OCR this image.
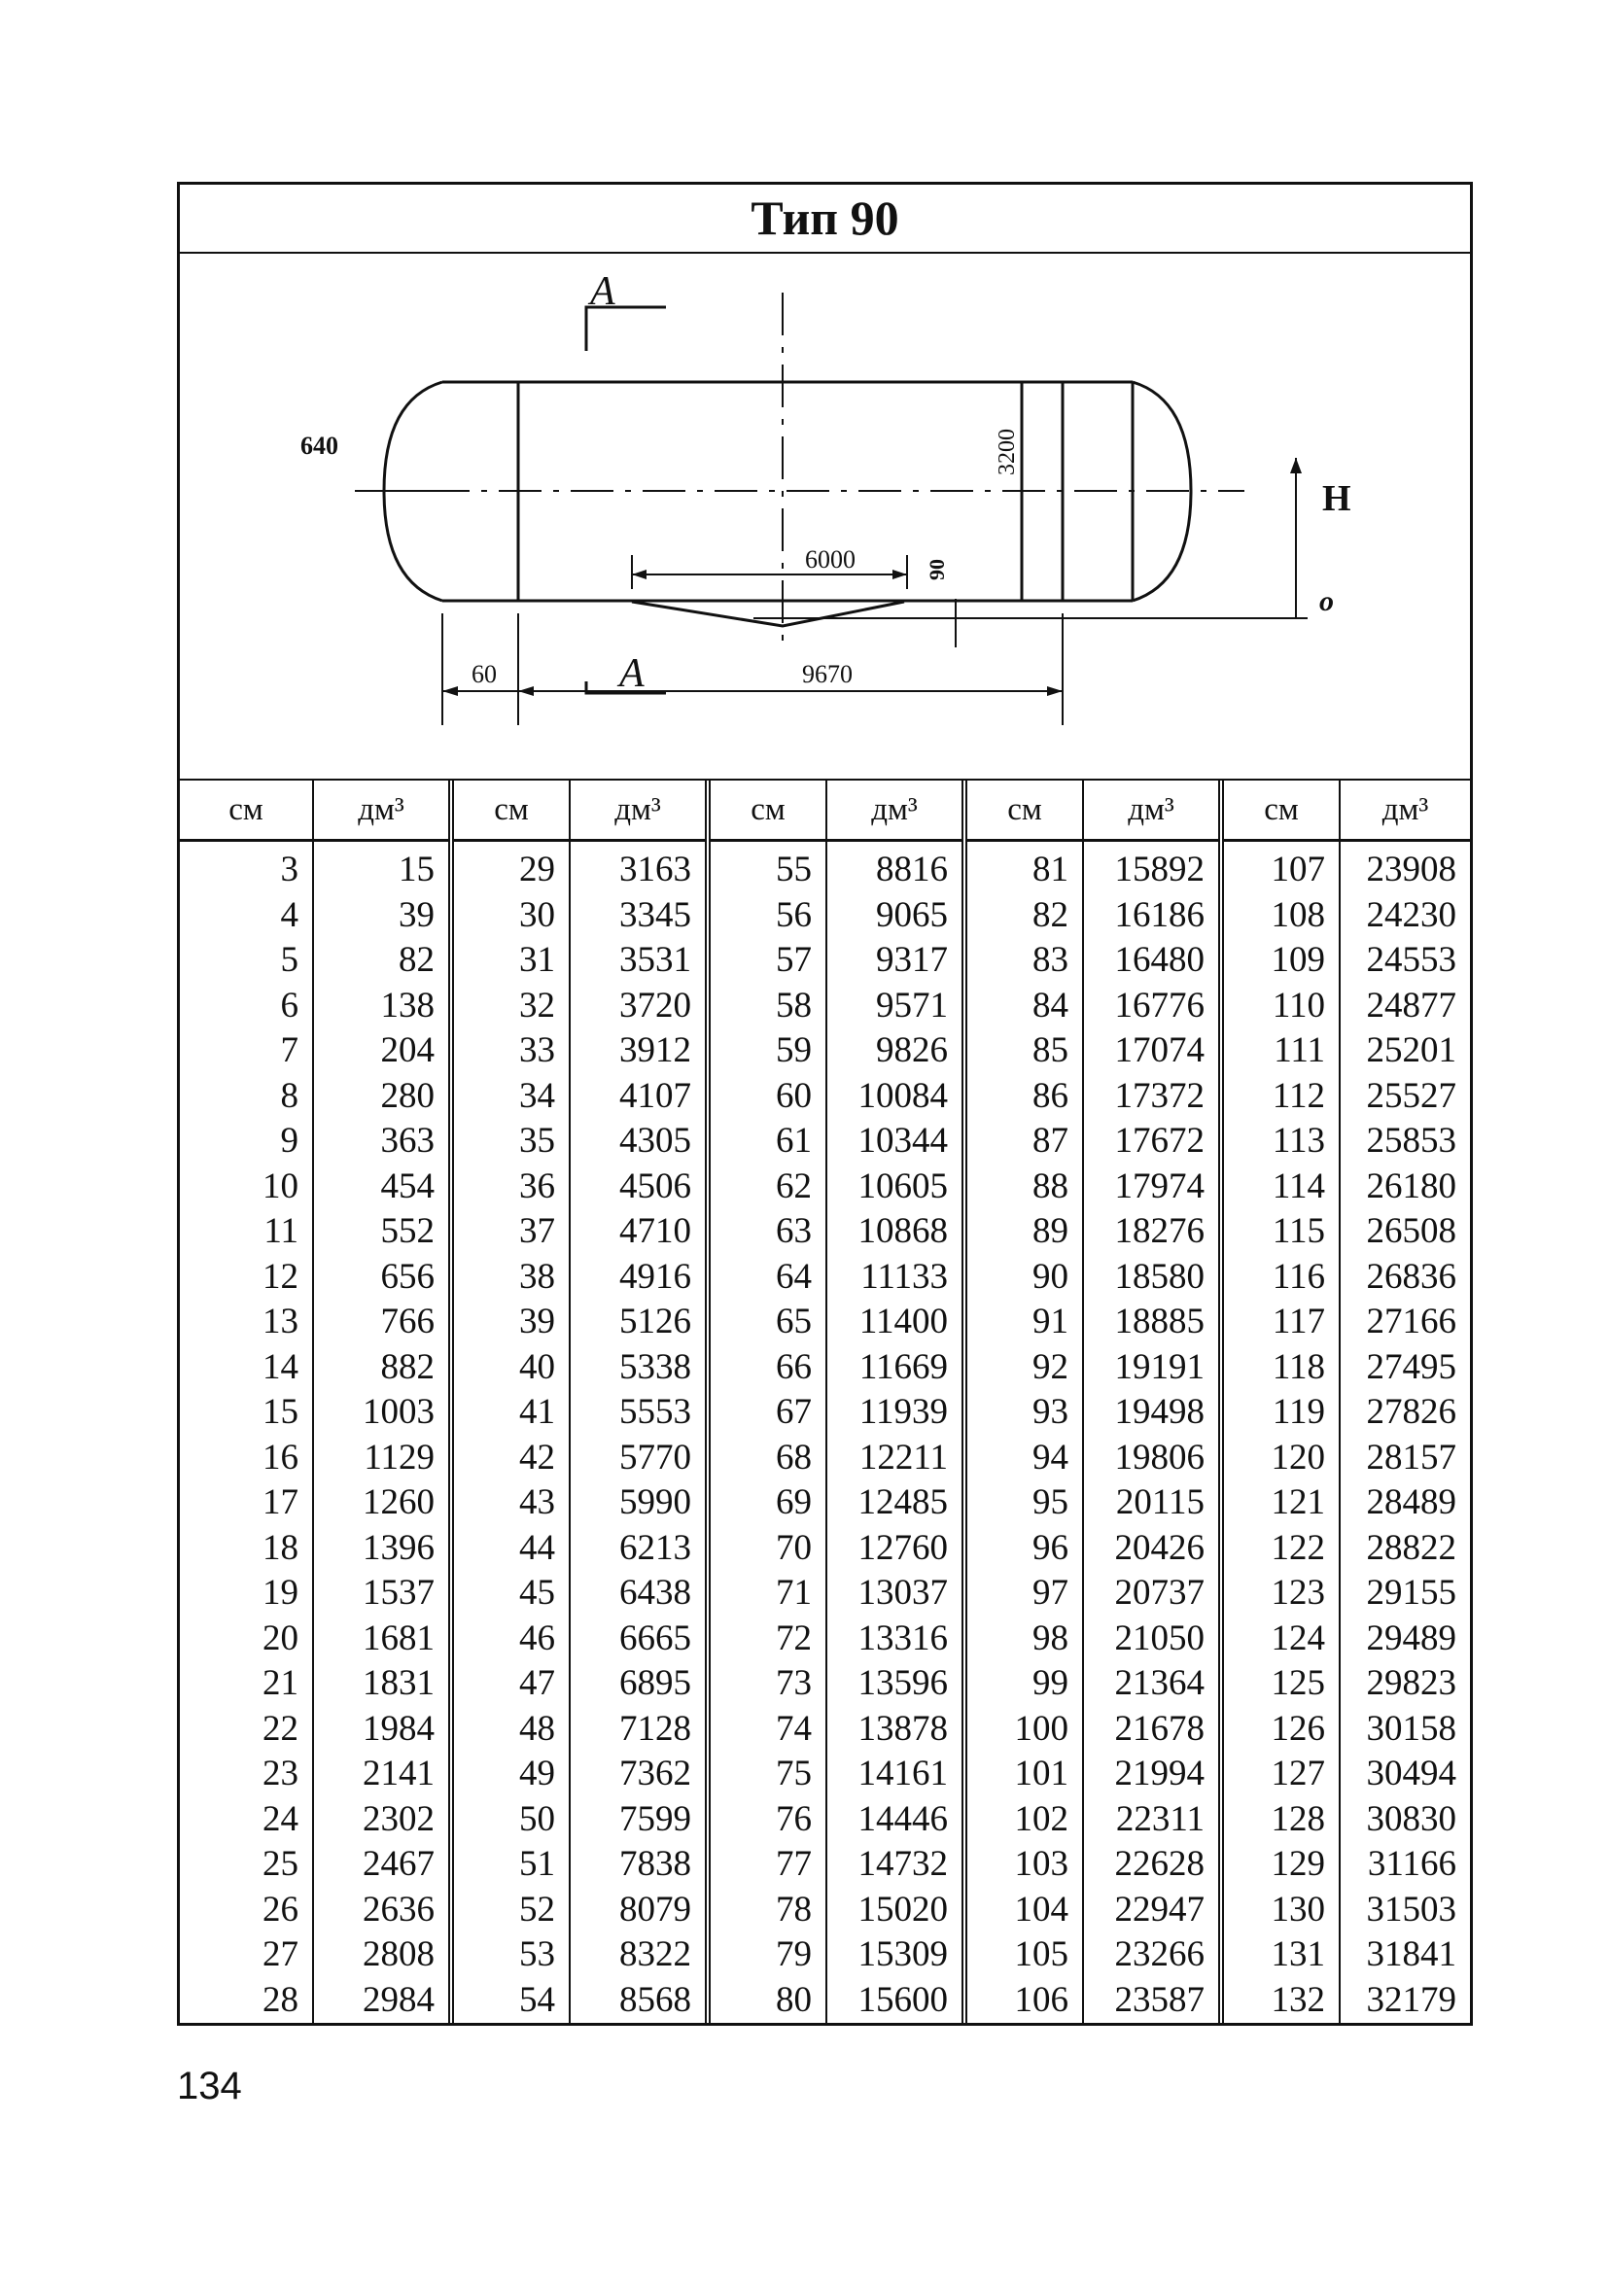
Тип 90
A
A
640	3200
6000	90
60	9670
H
o
см	дм³	см	дм³	см	дм³	см	дм³	см	дм³
3	15	29	3163	55	8816	81	15892	107	23908
4	39	30	3345	56	9065	82	16186	108	24230
5	82	31	3531	57	9317	83	16480	109	24553
6	138	32	3720	58	9571	84	16776	110	24877
7	204	33	3912	59	9826	85	17074	111	25201
8	280	34	4107	60	10084	86	17372	112	25527
9	363	35	4305	61	10344	87	17672	113	25853
10	454	36	4506	62	10605	88	17974	114	26180
11	552	37	4710	63	10868	89	18276	115	26508
12	656	38	4916	64	11133	90	18580	116	26836
13	766	39	5126	65	11400	91	18885	117	27166
14	882	40	5338	66	11669	92	19191	118	27495
15	1003	41	5553	67	11939	93	19498	119	27826
16	1129	42	5770	68	12211	94	19806	120	28157
17	1260	43	5990	69	12485	95	20115	121	28489
18	1396	44	6213	70	12760	96	20426	122	28822
19	1537	45	6438	71	13037	97	20737	123	29155
20	1681	46	6665	72	13316	98	21050	124	29489
21	1831	47	6895	73	13596	99	21364	125	29823
22	1984	48	7128	74	13878	100	21678	126	30158
23	2141	49	7362	75	14161	101	21994	127	30494
24	2302	50	7599	76	14446	102	22311	128	30830
25	2467	51	7838	77	14732	103	22628	129	31166
26	2636	52	8079	78	15020	104	22947	130	31503
27	2808	53	8322	79	15309	105	23266	131	31841
28	2984	54	8568	80	15600	106	23587	132	32179
134
